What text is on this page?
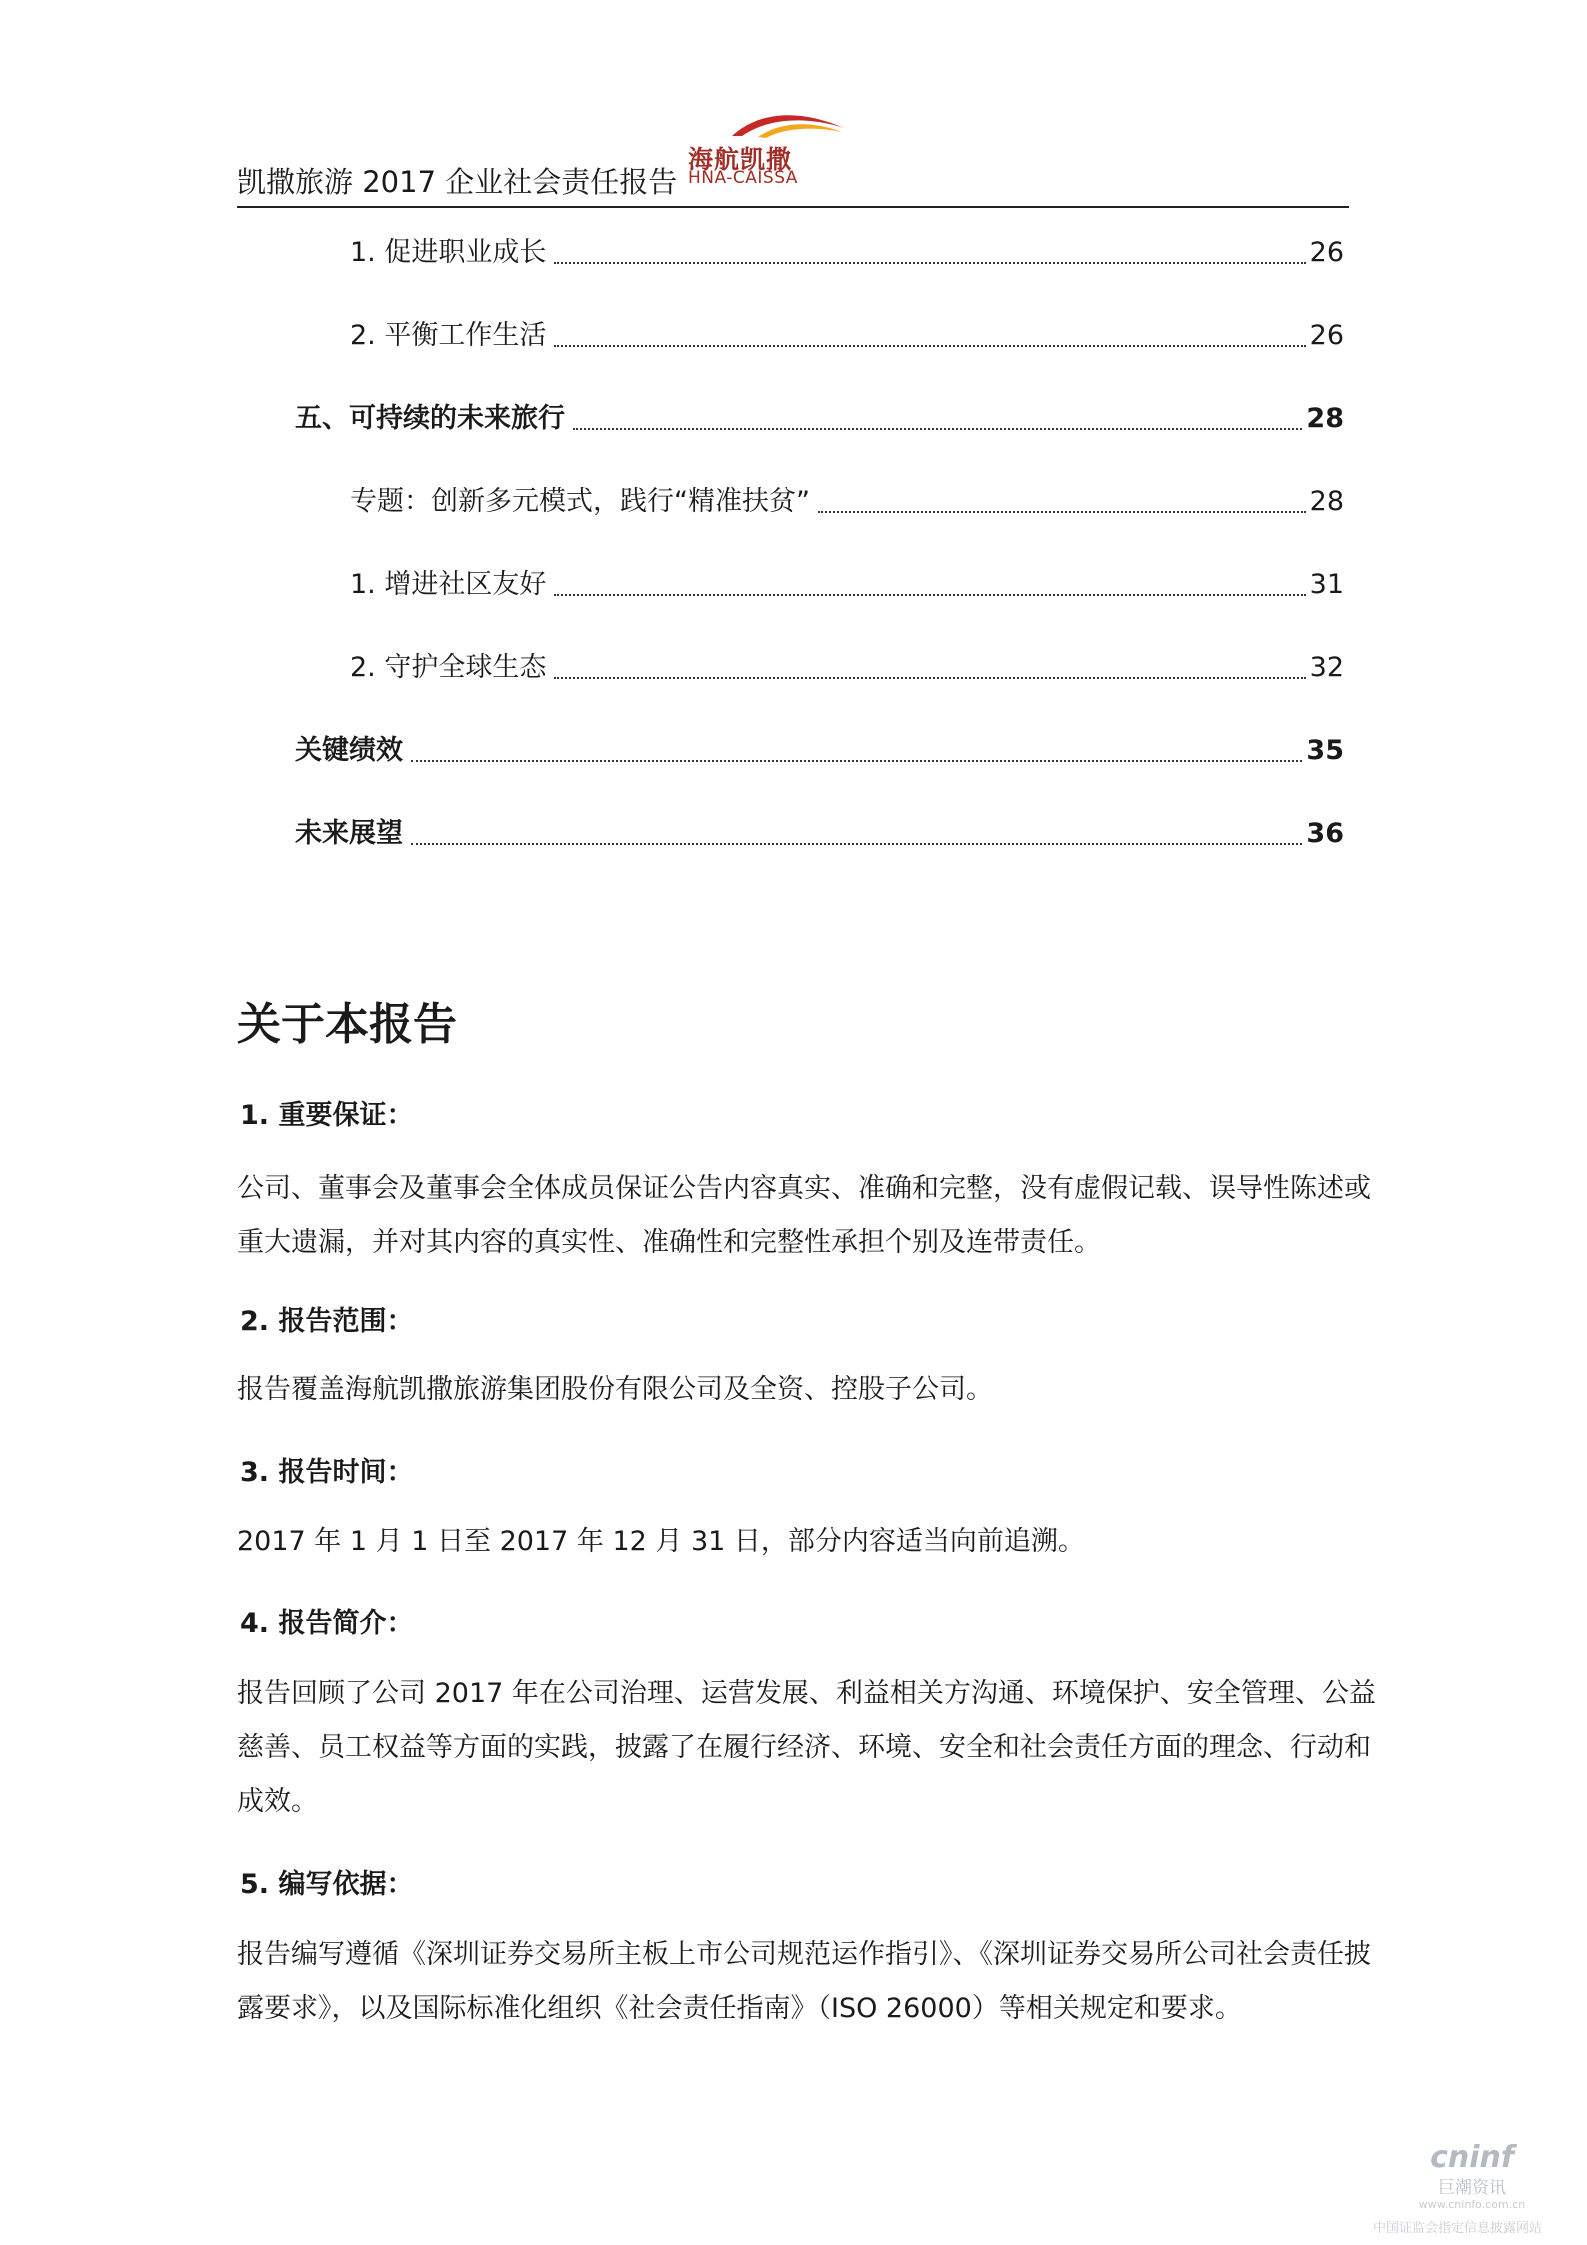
凯撒旅游 2017 企业社会责任报告
海航凯撒
HNA-CAISSA
1. 促进职业成长	26
2. 平衡工作生活	26
五、可持续的未来旅行	28
专题：创新多元模式，践行“精准扶贫”	28
1. 增进社区友好	31
2. 守护全球生态	32
关键绩效	35
未来展望	36
关于本报告
1. 重要保证：

公司、董事会及董事会全体成员保证公告内容真实、准确和完整，没有虚假记载、误导性陈述或
重大遗漏，并对其内容的真实性、准确性和完整性承担个别及连带责任。

2. 报告范围：

报告覆盖海航凯撒旅游集团股份有限公司及全资、控股子公司。

3. 报告时间：

2017 年 1 月 1 日至 2017 年 12 月 31 日，部分内容适当向前追溯。

4. 报告简介：

报告回顾了公司 2017 年在公司治理、运营发展、利益相关方沟通、环境保护、安全管理、公益
慈善、员工权益等方面的实践，披露了在履行经济、环境、安全和社会责任方面的理念、行动和
成效。

5. 编写依据：

报告编写遵循《深圳证券交易所主板上市公司规范运作指引》、《深圳证券交易所公司社会责任披
露要求》，以及国际标准化组织《社会责任指南》（ISO 26000）等相关规定和要求。

cninf
巨潮资讯
www.cninfo.com.cn
中国证监会指定信息披露网站
